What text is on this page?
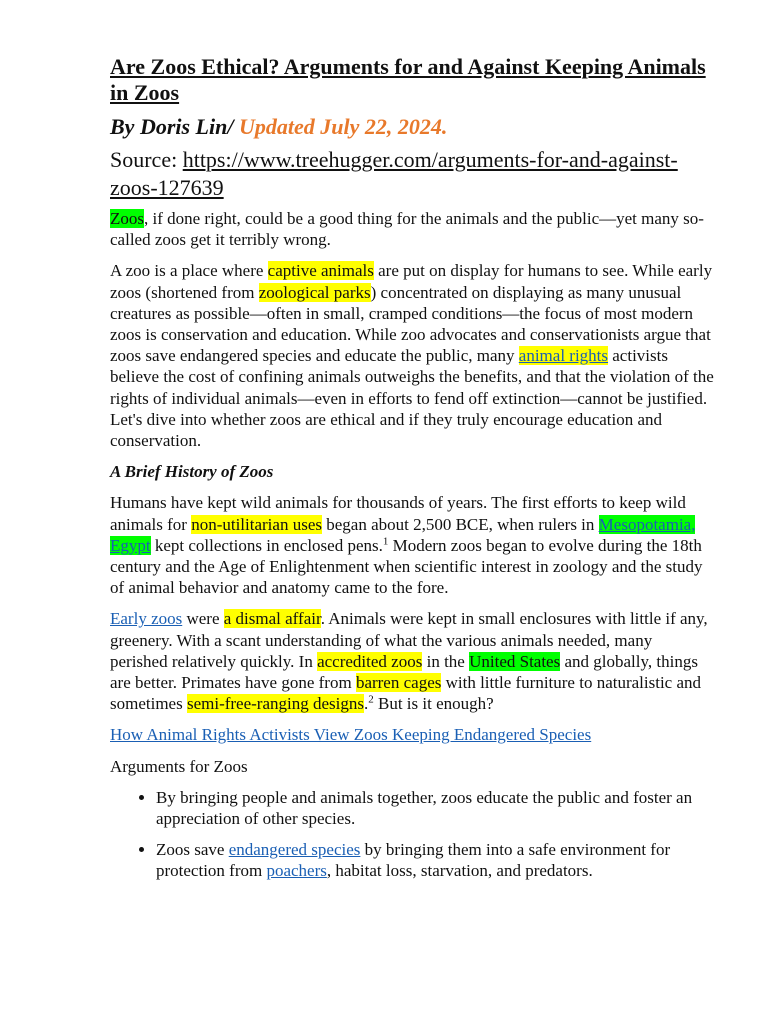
Are Zoos Ethical? Arguments for and Against Keeping Animals in Zoos
By Doris Lin/ Updated July 22, 2024.
Source: https://www.treehugger.com/arguments-for-and-against-zoos-127639

Zoos, if done right, could be a good thing for the animals and the public—yet many so-called zoos get it terribly wrong.

A zoo is a place where captive animals are put on display for humans to see. While early zoos (shortened from zoological parks) concentrated on displaying as many unusual creatures as possible—often in small, cramped conditions—the focus of most modern zoos is conservation and education. While zoo advocates and conservationists argue that zoos save endangered species and educate the public, many animal rights activists believe the cost of confining animals outweighs the benefits, and that the violation of the rights of individual animals—even in efforts to fend off extinction—cannot be justified. Let's dive into whether zoos are ethical and if they truly encourage education and conservation.

A Brief History of Zoos

Humans have kept wild animals for thousands of years. The first efforts to keep wild animals for non-utilitarian uses began about 2,500 BCE, when rulers in Mesopotamia, Egypt kept collections in enclosed pens.$^1$ Modern zoos began to evolve during the 18th century and the Age of Enlightenment when scientific interest in zoology and the study of animal behavior and anatomy came to the fore.

Early zoos were a dismal affair. Animals were kept in small enclosures with little if any, greenery. With a scant understanding of what the various animals needed, many perished relatively quickly. In accredited zoos in the United States and globally, things are better. Primates have gone from barren cages with little furniture to naturalistic and sometimes semi-free-ranging designs.$^2$ But is it enough?

How Animal Rights Activists View Zoos Keeping Endangered Species

Arguments for Zoos

• By bringing people and animals together, zoos educate the public and foster an appreciation of other species.
• Zoos save endangered species by bringing them into a safe environment for protection from poachers, habitat loss, starvation, and predators.
